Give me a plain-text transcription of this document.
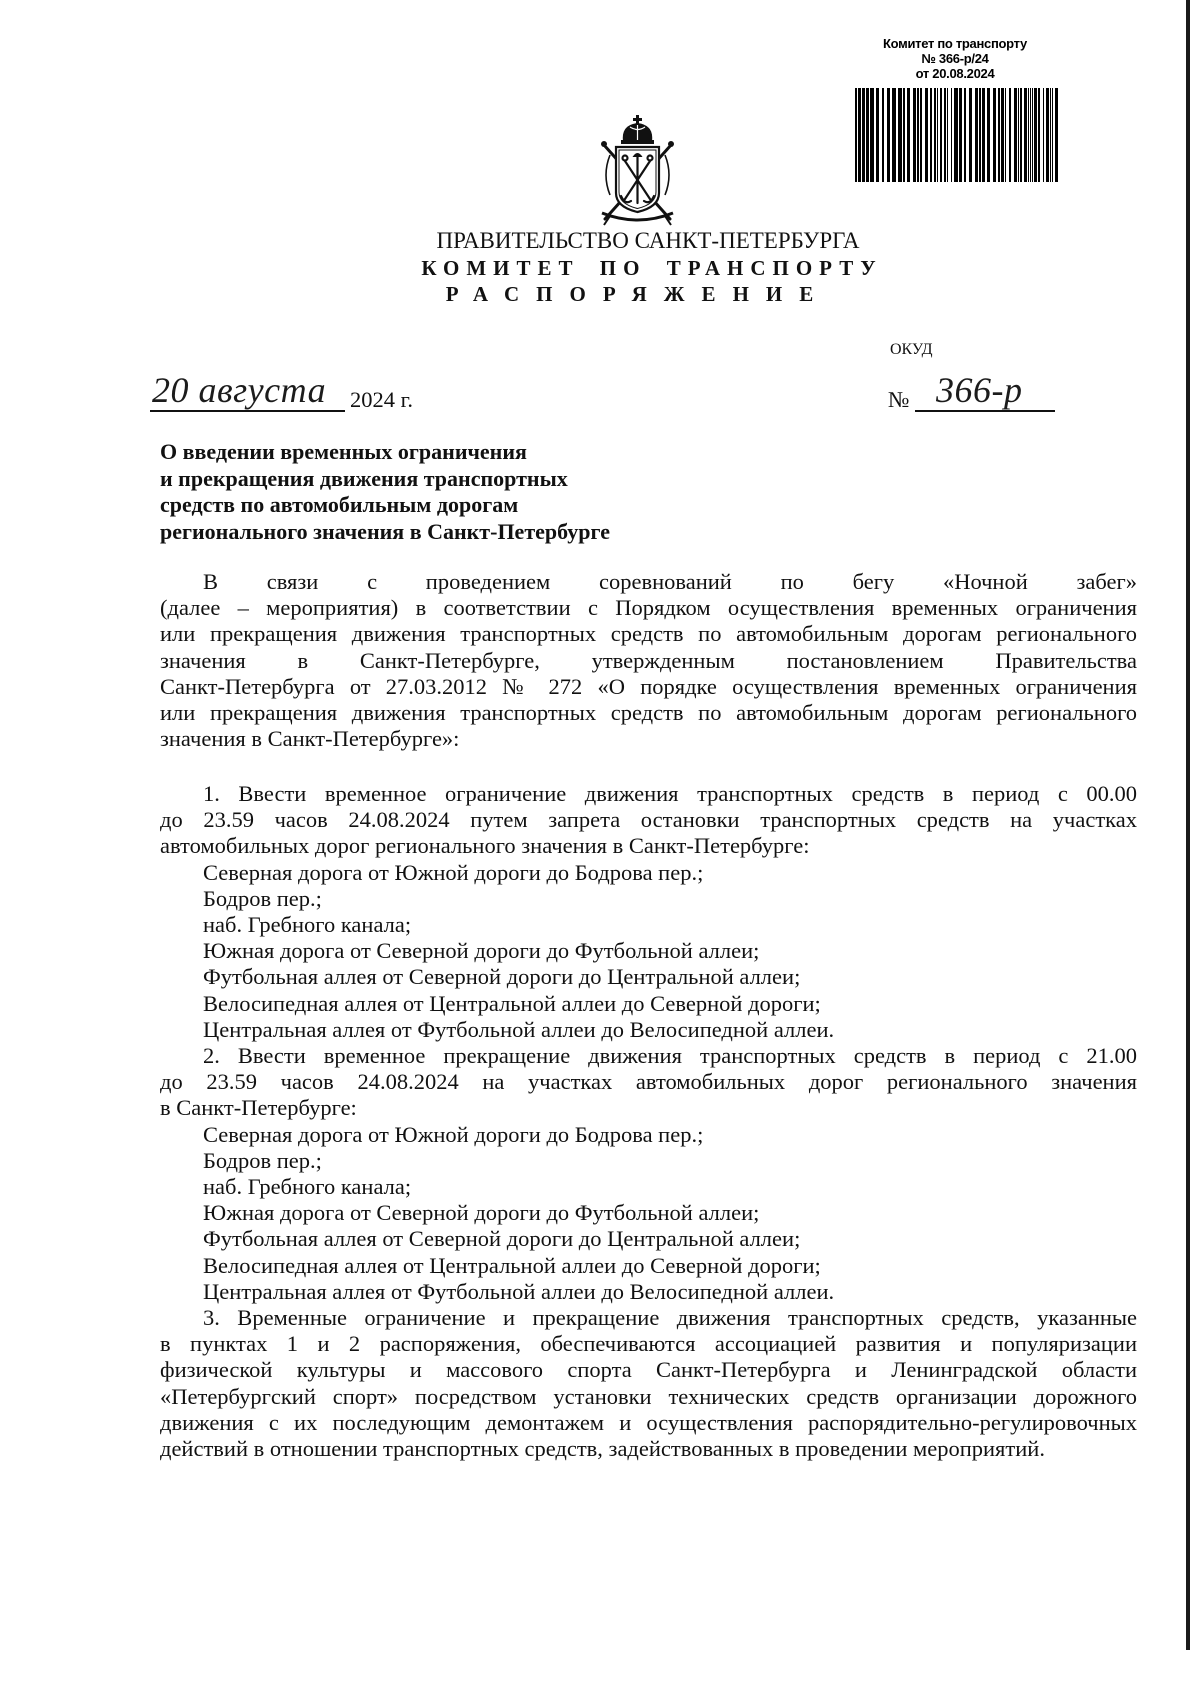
Комитет по транспорту
№ 366-р/24
от 20.08.2024
ПРАВИТЕЛЬСТВО САНКТ-ПЕТЕРБУРГА
КОМИТЕТ ПО ТРАНСПОРТУ
РАСПОРЯЖЕНИЕ
ОКУД
20 августа 2024 г.	№ 366-р
О введении временных ограничения
и прекращения движения транспортных
средств по автомобильным дорогам
регионального значения в Санкт-Петербурге
В связи с проведением соревнований по бегу «Ночной забег»
(далее – мероприятия) в соответствии с Порядком осуществления временных ограничения
или прекращения движения транспортных средств по автомобильным дорогам регионального
значения в Санкт-Петербурге, утвержденным постановлением Правительства
Санкт-Петербурга от 27.03.2012 № 272 «О порядке осуществления временных ограничения
или прекращения движения транспортных средств по автомобильным дорогам регионального
значения в Санкт-Петербурге»:
1. Ввести временное ограничение движения транспортных средств в период с 00.00
до 23.59 часов 24.08.2024 путем запрета остановки транспортных средств на участках
автомобильных дорог регионального значения в Санкт-Петербурге:
Северная дорога от Южной дороги до Бодрова пер.;
Бодров пер.;
наб. Гребного канала;
Южная дорога от Северной дороги до Футбольной аллеи;
Футбольная аллея от Северной дороги до Центральной аллеи;
Велосипедная аллея от Центральной аллеи до Северной дороги;
Центральная аллея от Футбольной аллеи до Велосипедной аллеи.
2. Ввести временное прекращение движения транспортных средств в период с 21.00
до 23.59 часов 24.08.2024 на участках автомобильных дорог регионального значения
в Санкт-Петербурге:
Северная дорога от Южной дороги до Бодрова пер.;
Бодров пер.;
наб. Гребного канала;
Южная дорога от Северной дороги до Футбольной аллеи;
Футбольная аллея от Северной дороги до Центральной аллеи;
Велосипедная аллея от Центральной аллеи до Северной дороги;
Центральная аллея от Футбольной аллеи до Велосипедной аллеи.
3. Временные ограничение и прекращение движения транспортных средств, указанные
в пунктах 1 и 2 распоряжения, обеспечиваются ассоциацией развития и популяризации
физической культуры и массового спорта Санкт-Петербурга и Ленинградской области
«Петербургский спорт» посредством установки технических средств организации дорожного
движения с их последующим демонтажем и осуществления распорядительно-регулировочных
действий в отношении транспортных средств, задействованных в проведении мероприятий.
